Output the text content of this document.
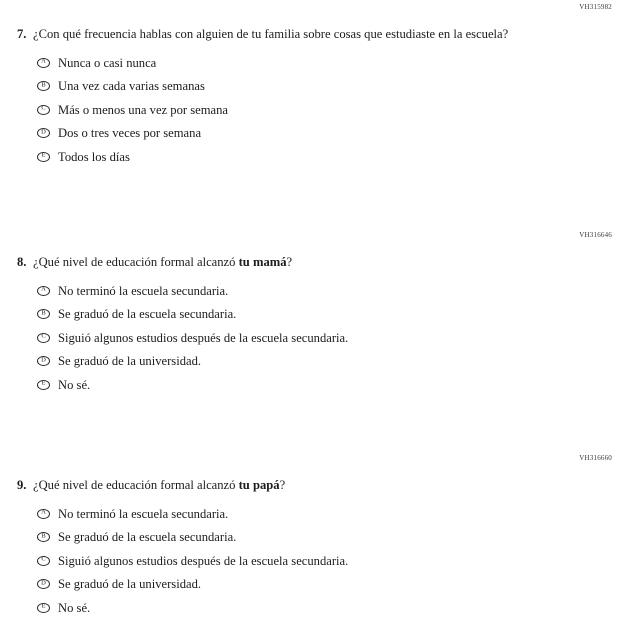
VH315982
7. ¿Con qué frecuencia hablas con alguien de tu familia sobre cosas que estudiaste en la escuela?
A Nunca o casi nunca
B Una vez cada varias semanas
C Más o menos una vez por semana
D Dos o tres veces por semana
E Todos los días
VH316646
8. ¿Qué nivel de educación formal alcanzó tu mamá?
A No terminó la escuela secundaria.
B Se graduó de la escuela secundaria.
C Siguió algunos estudios después de la escuela secundaria.
D Se graduó de la universidad.
E No sé.
VH316660
9. ¿Qué nivel de educación formal alcanzó tu papá?
A No terminó la escuela secundaria.
B Se graduó de la escuela secundaria.
C Siguió algunos estudios después de la escuela secundaria.
D Se graduó de la universidad.
E No sé.
